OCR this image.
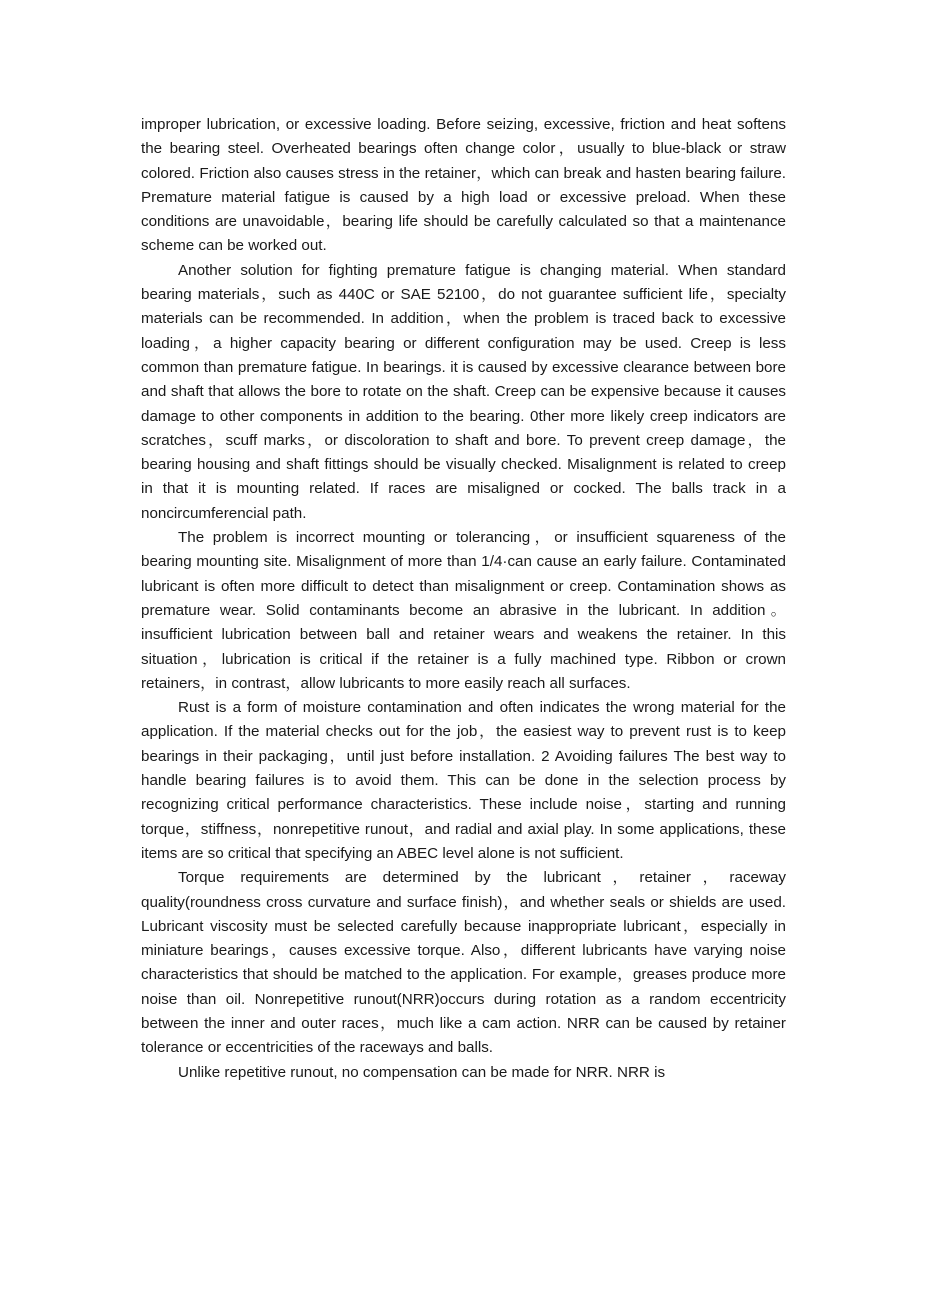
improper lubrication, or excessive loading. Before seizing, excessive, friction and heat softens the bearing steel. Overheated bearings often change color，usually to blue-black or straw colored. Friction also causes stress in the retainer，which can break and hasten bearing failure. Premature material fatigue is caused by a high load or excessive preload. When these conditions are unavoidable，bearing life should be carefully calculated so that a maintenance scheme can be worked out.

Another solution for fighting premature fatigue is changing material. When standard bearing materials，such as 440C or SAE 52100，do not guarantee sufficient life，specialty materials can be recommended. In addition，when the problem is traced back to excessive loading，a higher capacity bearing or different configuration may be used. Creep is less common than premature fatigue. In bearings. it is caused by excessive clearance between bore and shaft that allows the bore to rotate on the shaft. Creep can be expensive because it causes damage to other components in addition to the bearing. 0ther more likely creep indicators are scratches，scuff marks，or discoloration to shaft and bore. To prevent creep damage，the bearing housing and shaft fittings should be visually checked. Misalignment is related to creep in that it is mounting related. If races are misaligned or cocked. The balls track in a noncircumferencial path.

The problem is incorrect mounting or tolerancing，or insufficient squareness of the bearing mounting site. Misalignment of more than 1/4·can cause an early failure. Contaminated lubricant is often more difficult to detect than misalignment or creep. Contamination shows as premature wear. Solid contaminants become an abrasive in the lubricant. In addition。insufficient lubrication between ball and retainer wears and weakens the retainer. In this situation，lubrication is critical if the retainer is a fully machined type. Ribbon or crown retainers，in contrast，allow lubricants to more easily reach all surfaces.

Rust is a form of moisture contamination and often indicates the wrong material for the application. If the material checks out for the job，the easiest way to prevent rust is to keep bearings in their packaging，until just before installation. 2 Avoiding failures The best way to handle bearing failures is to avoid them. This can be done in the selection process by recognizing critical performance characteristics. These include noise，starting and running torque，stiffness，nonrepetitive runout，and radial and axial play. In some applications, these items are so critical that specifying an ABEC level alone is not sufficient.

Torque requirements are determined by the lubricant，retainer，raceway quality(roundness cross curvature and surface finish)，and whether seals or shields are used. Lubricant viscosity must be selected carefully because inappropriate lubricant，especially in miniature bearings，causes excessive torque. Also，different lubricants have varying noise characteristics that should be matched to the application. For example，greases produce more noise than oil. Nonrepetitive runout(NRR)occurs during rotation as a random eccentricity between the inner and outer races，much like a cam action. NRR can be caused by retainer tolerance or eccentricities of the raceways and balls.

Unlike repetitive runout, no compensation can be made for NRR. NRR is
